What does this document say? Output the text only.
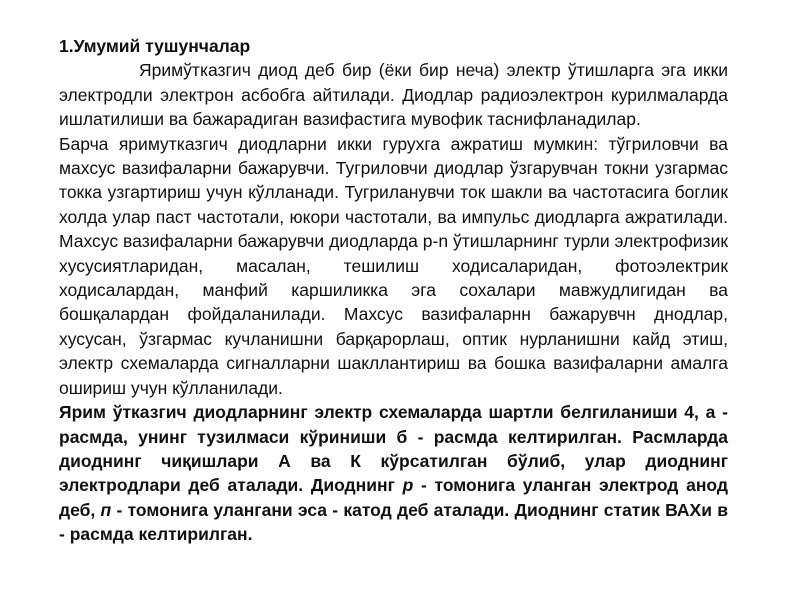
1.Умумий тушунчалар

Яримўтказгич диод деб бир (ёки бир неча) электр ўтишларга эга икки электродли электрон асбобга айтилади. Диодлар радиоэлектрон курилмаларда ишлатилиши ва бажарадиган вазифастига мувофик таснифланадилар.

Барча яримутказгич диодларни икки гурухга ажратиш мумкин: тўгриловчи ва махсус вазифаларни бажарувчи. Тугриловчи диодлар ўзгарувчан токни узгармас токка узгартириш учун кўлланади. Тугриланувчи ток шакли ва частотасига боглик холда улар паст частотали, юкори частотали, ва импульс диодларга ажратилади. Махсус вазифаларни бажарувчи диодларда p-n ўтишларнинг турли электрофизик хусусиятларидан, масалан, тешилиш ходисаларидан, фотоэлектрик ходисалардан, манфий каршиликка эга сохалари мавжудлигидан ва бошқалардан фойдаланилади. Махсус вазифаларнн бажарувчн днодлар, хусусан, ўзгармас кучланишни барқарорлаш, оптик нурланишни кайд этиш, электр схемаларда сигналларни шакллантириш ва бошка вазифаларни амалга ошириш учун кўлланилади.

Ярим ўтказгич диодларнинг электр схемаларда шартли белгиланиши 4, а - расмда, унинг тузилмаси кўриниши б - расмда келтирилган. Расмларда диоднинг чиқишлари А ва К кўрсатилган бўлиб, улар диоднинг электродлари деб аталади. Диоднинг р - томонига уланган электрод анод деб, п - томонига улангани эса - катод деб аталади. Диоднинг статик ВАХи в - расмда келтирилган.
